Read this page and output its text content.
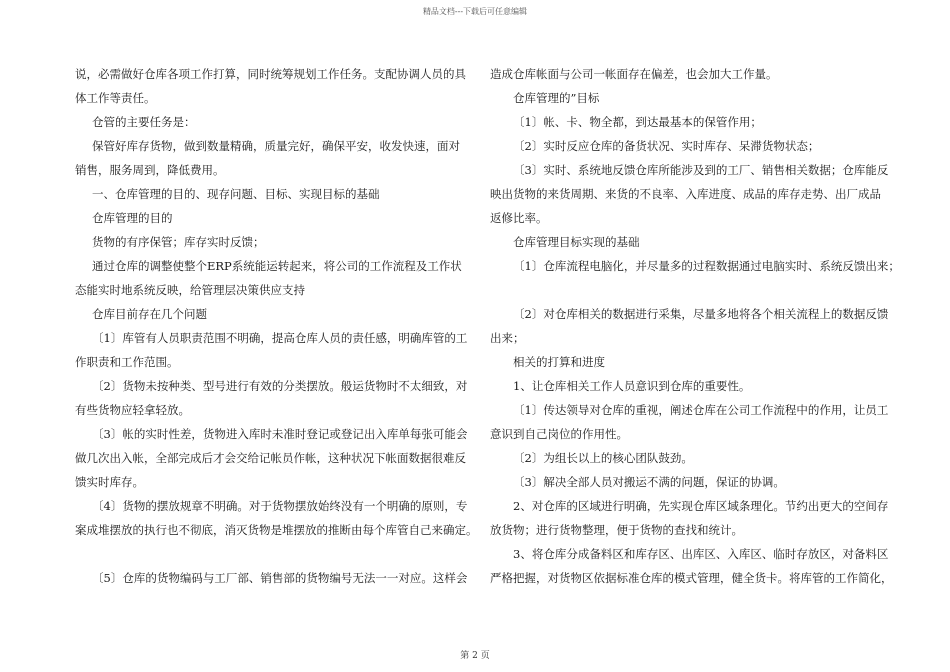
精品文档---下载后可任意编辑
说，必需做好仓库各项工作打算，同时统筹规划工作任务。支配协调人员的具
体工作等责任。
仓管的主要任务是：
保管好库存货物，做到数量精确，质量完好，确保平安，收发快速，面对
销售，服务周到，降低费用。
一、仓库管理的目的、现存问题、目标、实现目标的基础
仓库管理的目的
货物的有序保管；库存实时反馈；
通过仓库的调整使整个ERP系统能运转起来，将公司的工作流程及工作状
态能实时地系统反映，给管理层决策供应支持
仓库目前存在几个问题
〔1〕库管有人员职责范围不明确，提高仓库人员的责任感，明确库管的工
作职责和工作范围。
〔2〕货物未按种类、型号进行有效的分类摆放。般运货物时不太细致，对
有些货物应轻拿轻放。
〔3〕帐的实时性差，货物进入库时未准时登记或登记出入库单每张可能会
做几次出入帐，全部完成后才会交给记帐员作帐，这种状况下帐面数据很难反
馈实时库存。
〔4〕货物的摆放规章不明确。对于货物摆放始终没有一个明确的原则，专
案成堆摆放的执行也不彻底，消灭货物是堆摆放的推断由每个库管自己来确定。
〔5〕仓库的货物编码与工厂部、销售部的货物编号无法一一对应。这样会
造成仓库帐面与公司一帐面存在偏差，也会加大工作量。
仓库管理的”目标
〔1〕帐、卡、物全都，到达最基本的保管作用；
〔2〕实时反应仓库的备货状况、实时库存、呆滞货物状态；
〔3〕实时、系统地反馈仓库所能涉及到的工厂、销售相关数据；仓库能反
映出货物的来货周期、来货的不良率、入库进度、成品的库存走势、出厂成品
返修比率。
仓库管理目标实现的基础
〔1〕仓库流程电脑化，并尽量多的过程数据通过电脑实时、系统反馈出来；
〔2〕对仓库相关的数据进行采集，尽量多地将各个相关流程上的数据反馈
出来；
相关的打算和进度
1、让仓库相关工作人员意识到仓库的重要性。
〔1〕传达领导对仓库的重视，阐述仓库在公司工作流程中的作用，让员工
意识到自己岗位的作用性。
〔2〕为组长以上的核心团队鼓劲。
〔3〕解决全部人员对搬运不满的问题，保证的协调。
2、对仓库的区域进行明确，先实现仓库区域条理化。节约出更大的空间存
放货物；进行货物整理，便于货物的查找和统计。
3、将仓库分成备料区和库存区、出库区、入库区、临时存放区，对备料区
严格把握，对货物区依据标准仓库的模式管理，健全货卡。将库管的工作简化，
第 2 页
